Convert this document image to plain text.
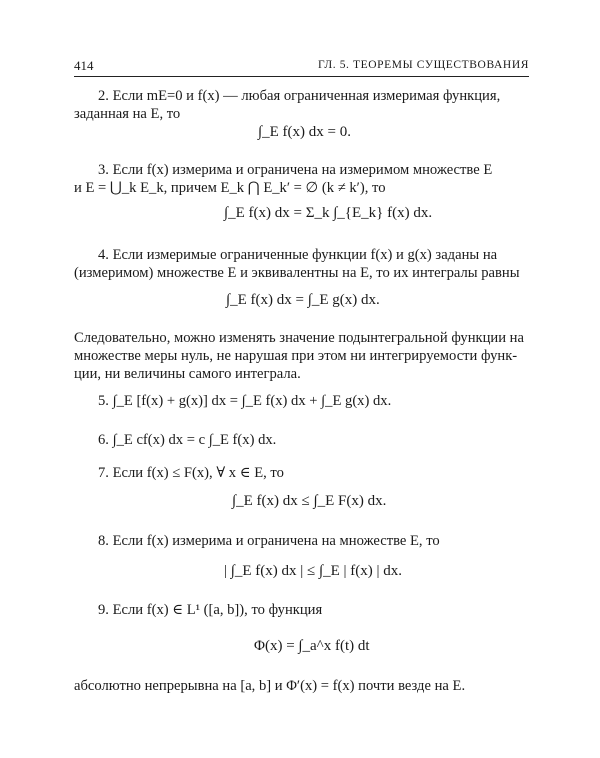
414	ГЛ. 5. ТЕОРЕМЫ СУЩЕСТВОВАНИЯ
2. Если mE=0 и f(x) — любая ограниченная измеримая функция,
заданная на E, то
∫_E f(x) dx = 0.
3. Если f(x) измерима и ограничена на измеримом множестве E
и E = ⋃_k E_k, причем E_k ⋂ E_k′ = ∅ (k ≠ k′), то
∫_E f(x) dx = Σ_k ∫_{E_k} f(x) dx.
4. Если измеримые ограниченные функции f(x) и g(x) заданы на
(измеримом) множестве E и эквивалентны на E, то их интегралы равны
∫_E f(x) dx = ∫_E g(x) dx.
Следовательно, можно изменять значение подынтегральной функции на
множестве меры нуль, не нарушая при этом ни интегрируемости функ-
ции, ни величины самого интеграла.
5. ∫_E [f(x) + g(x)] dx = ∫_E f(x) dx + ∫_E g(x) dx.
6. ∫_E cf(x) dx = c ∫_E f(x) dx.
7. Если f(x) ≤ F(x), ∀ x ∈ E, то
∫_E f(x) dx ≤ ∫_E F(x) dx.
8. Если f(x) измерима и ограничена на множестве E, то
| ∫_E f(x) dx | ≤ ∫_E | f(x) | dx.
9. Если f(x) ∈ L¹ ([a, b]), то функция
Φ(x) = ∫_a^x f(t) dt
абсолютно непрерывна на [a, b] и Φ′(x) = f(x) почти везде на E.
